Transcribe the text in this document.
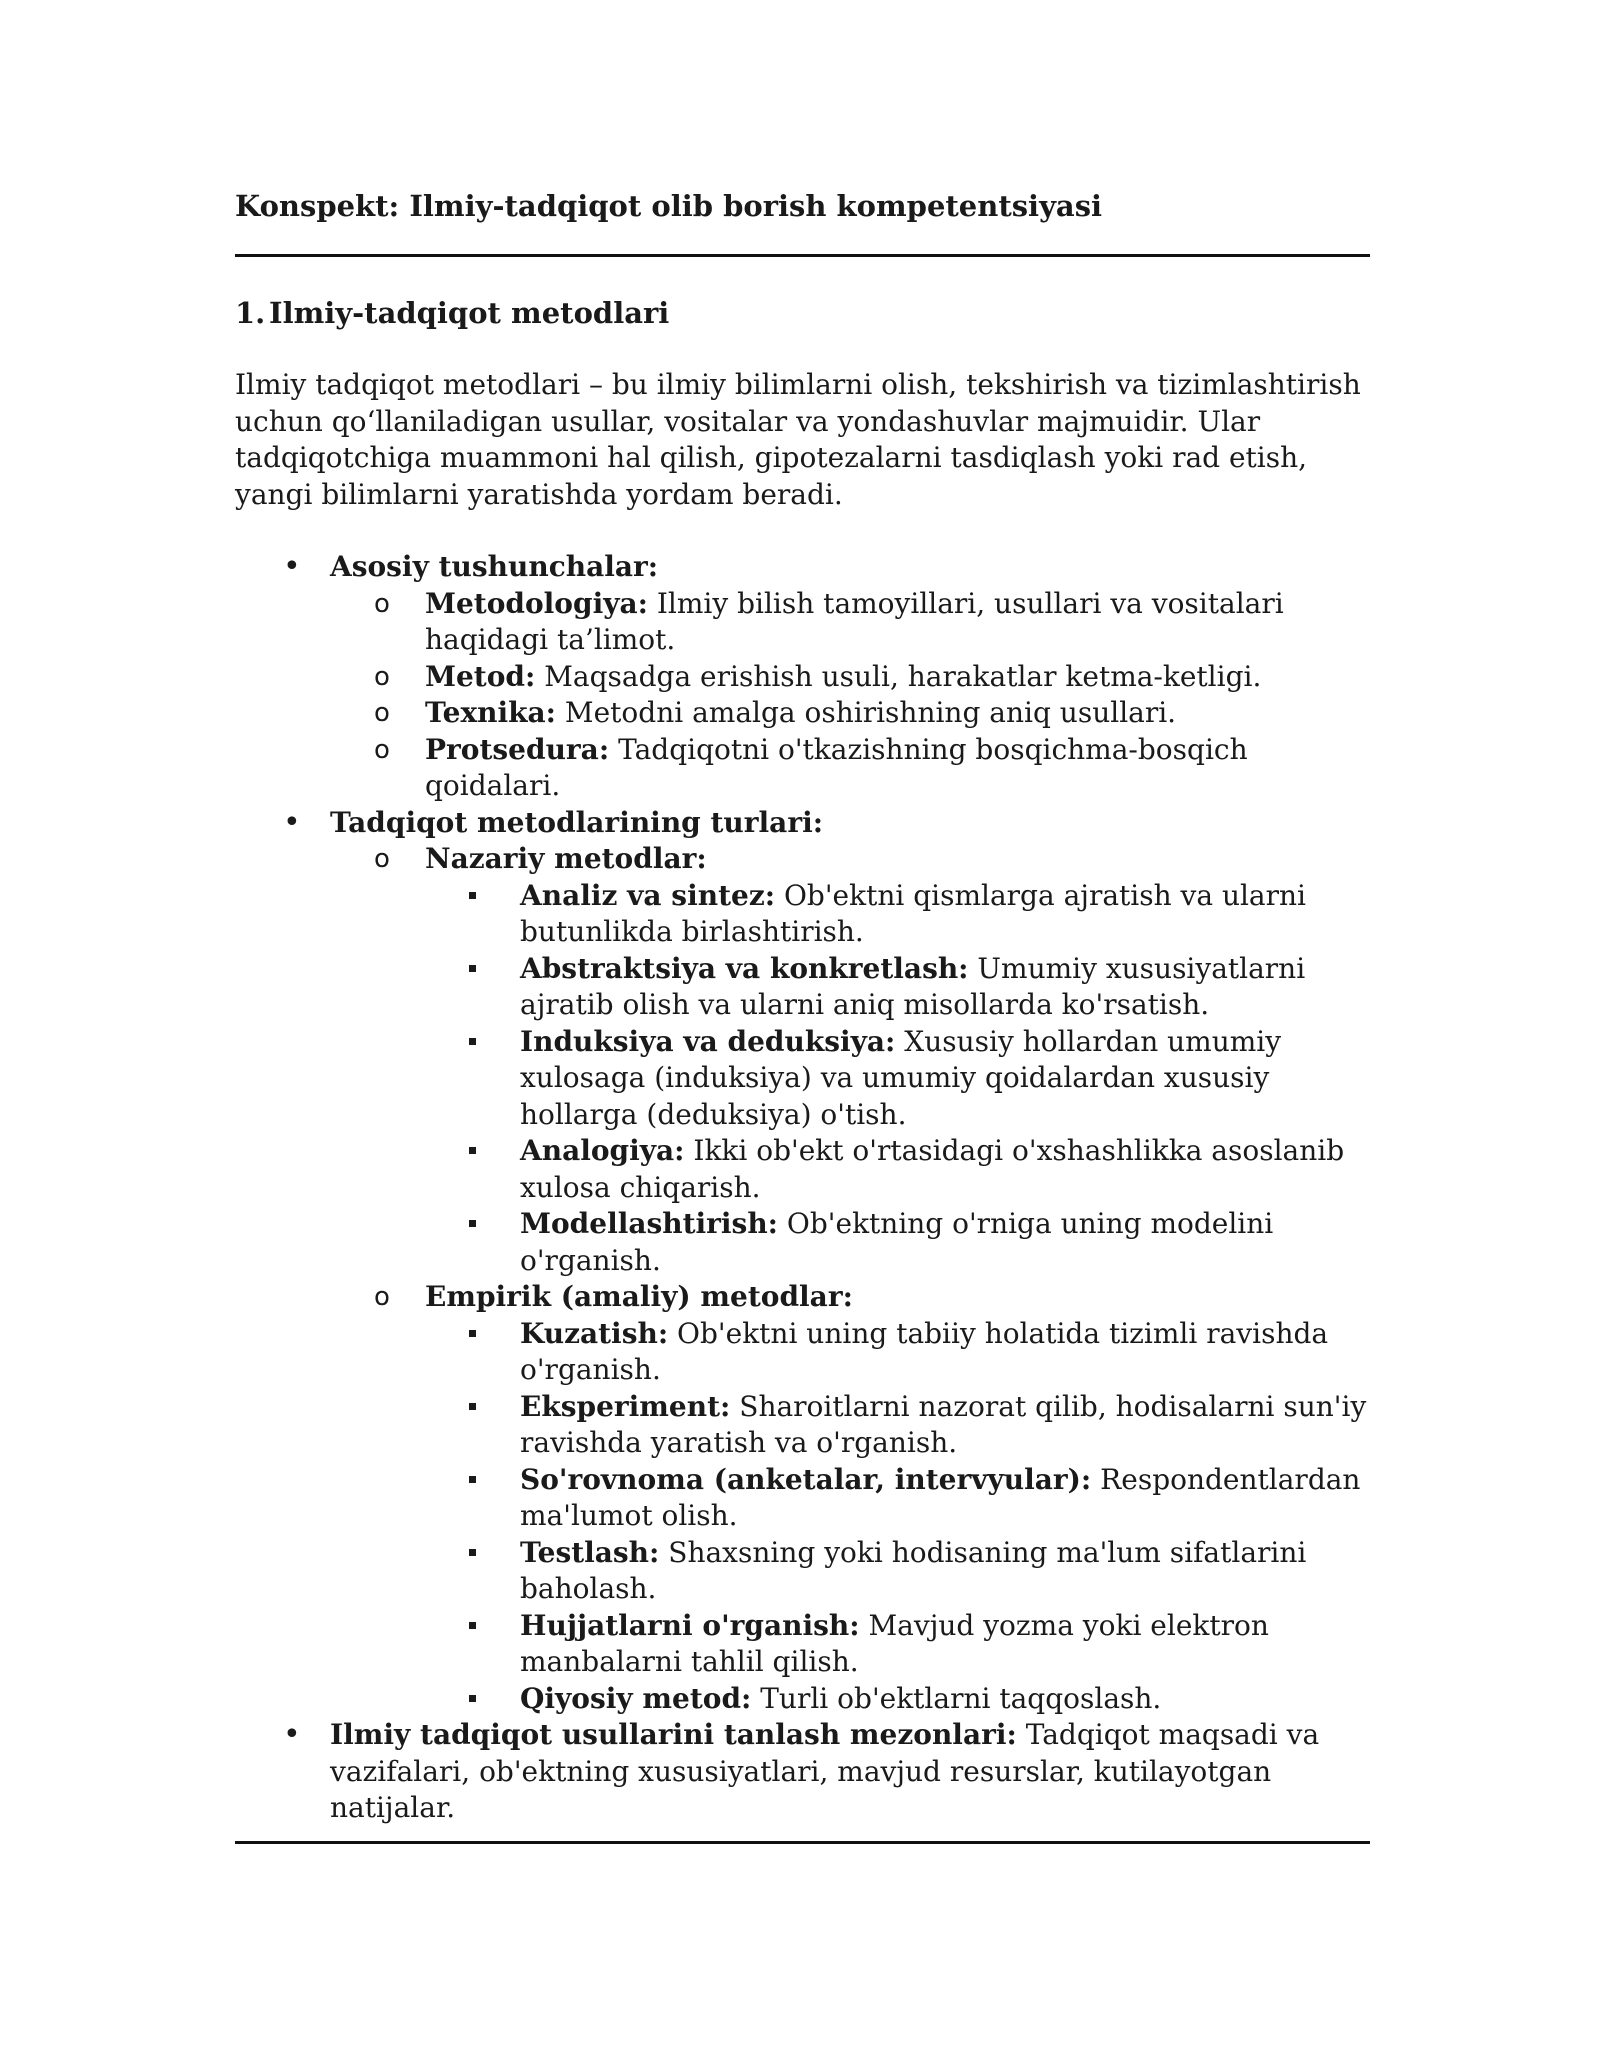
Konspekt: Ilmiy-tadqiqot olib borish kompetentsiyasi
1. Ilmiy-tadqiqot metodlari

Ilmiy tadqiqot metodlari – bu ilmiy bilimlarni olish, tekshirish va tizimlashtirish uchun qo‘llaniladigan usullar, vositalar va yondashuvlar majmuidir. Ular tadqiqotchiga muammoni hal qilish, gipotezalarni tasdiqlash yoki rad etish, yangi bilimlarni yaratishda yordam beradi.

•	Asosiy tushunchalar:
o	Metodologiya: Ilmiy bilish tamoyillari, usullari va vositalari haqidagi ta’limot.
o	Metod: Maqsadga erishish usuli, harakatlar ketma-ketligi.
o	Texnika: Metodni amalga oshirishning aniq usullari.
o	Protsedura: Tadqiqotni o'tkazishning bosqichma-bosqich qoidalari.
•	Tadqiqot metodlarining turlari:
o	Nazariy metodlar:
Analiz va sintez: Ob'ektni qismlarga ajratish va ularni butunlikda birlashtirish.
Abstraktsiya va konkretlash: Umumiy xususiyatlarni ajratib olish va ularni aniq misollarda ko'rsatish.
Induksiya va deduksiya: Xususiy hollardan umumiy xulosaga (induksiya) va umumiy qoidalardan xususiy hollarga (deduksiya) o'tish.
Analogiya: Ikki ob'ekt o'rtasidagi o'xshashlikka asoslanib xulosa chiqarish.
Modellashtirish: Ob'ektning o'rniga uning modelini o'rganish.
o	Empirik (amaliy) metodlar:
Kuzatish: Ob'ektni uning tabiiy holatida tizimli ravishda o'rganish.
Eksperiment: Sharoitlarni nazorat qilib, hodisalarni sun'iy ravishda yaratish va o'rganish.
So'rovnoma (anketalar, intervyular): Respondentlardan ma'lumot olish.
Testlash: Shaxsning yoki hodisaning ma'lum sifatlarini baholash.
Hujjatlarni o'rganish: Mavjud yozma yoki elektron manbalarni tahlil qilish.
Qiyosiy metod: Turli ob'ektlarni taqqoslash.
•	Ilmiy tadqiqot usullarini tanlash mezonlari: Tadqiqot maqsadi va vazifalari, ob'ektning xususiyatlari, mavjud resurslar, kutilayotgan natijalar.
